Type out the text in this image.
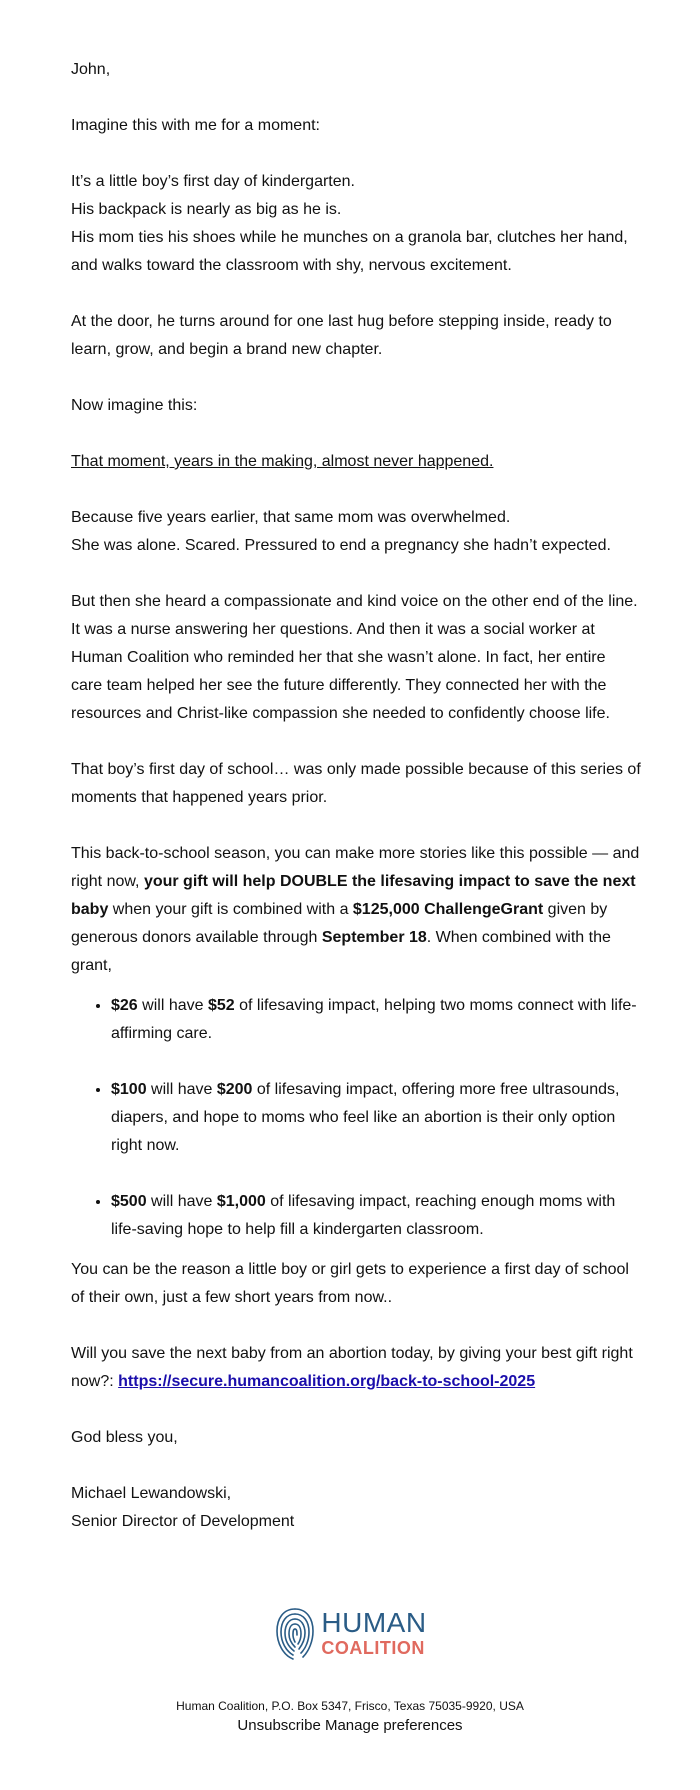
John,

Imagine this with me for a moment:

It’s a little boy’s first day of kindergarten.
His backpack is nearly as big as he is.
His mom ties his shoes while he munches on a granola bar, clutches her hand, and walks toward the classroom with shy, nervous excitement.

At the door, he turns around for one last hug before stepping inside, ready to learn, grow, and begin a brand new chapter.

Now imagine this:

That moment, years in the making, almost never happened.

Because five years earlier, that same mom was overwhelmed.
She was alone. Scared. Pressured to end a pregnancy she hadn’t expected.

But then she heard a compassionate and kind voice on the other end of the line. It was a nurse answering her questions. And then it was a social worker at Human Coalition who reminded her that she wasn’t alone. In fact, her entire care team helped her see the future differently. They connected her with the resources and Christ-like compassion she needed to confidently choose life.

That boy’s first day of school… was only made possible because of this series of moments that happened years prior.

This back-to-school season, you can make more stories like this possible — and right now, your gift will help DOUBLE the lifesaving impact to save the next baby when your gift is combined with a $125,000 ChallengeGrant given by generous donors available through September 18. When combined with the grant,

• $26 will have $52 of lifesaving impact, helping two moms connect with life-affirming care.
• $100 will have $200 of lifesaving impact, offering more free ultrasounds, diapers, and hope to moms who feel like an abortion is their only option right now.
• $500 will have $1,000 of lifesaving impact, reaching enough moms with life-saving hope to help fill a kindergarten classroom.

You can be the reason a little boy or girl gets to experience a first day of school of their own, just a few short years from now..

Will you save the next baby from an abortion today, by giving your best gift right now?: https://secure.humancoalition.org/back-to-school-2025

God bless you,

Michael Lewandowski,
Senior Director of Development

HUMAN
COALITION
Human Coalition, P.O. Box 5347, Frisco, Texas 75035-9920, USA
Unsubscribe Manage preferences
